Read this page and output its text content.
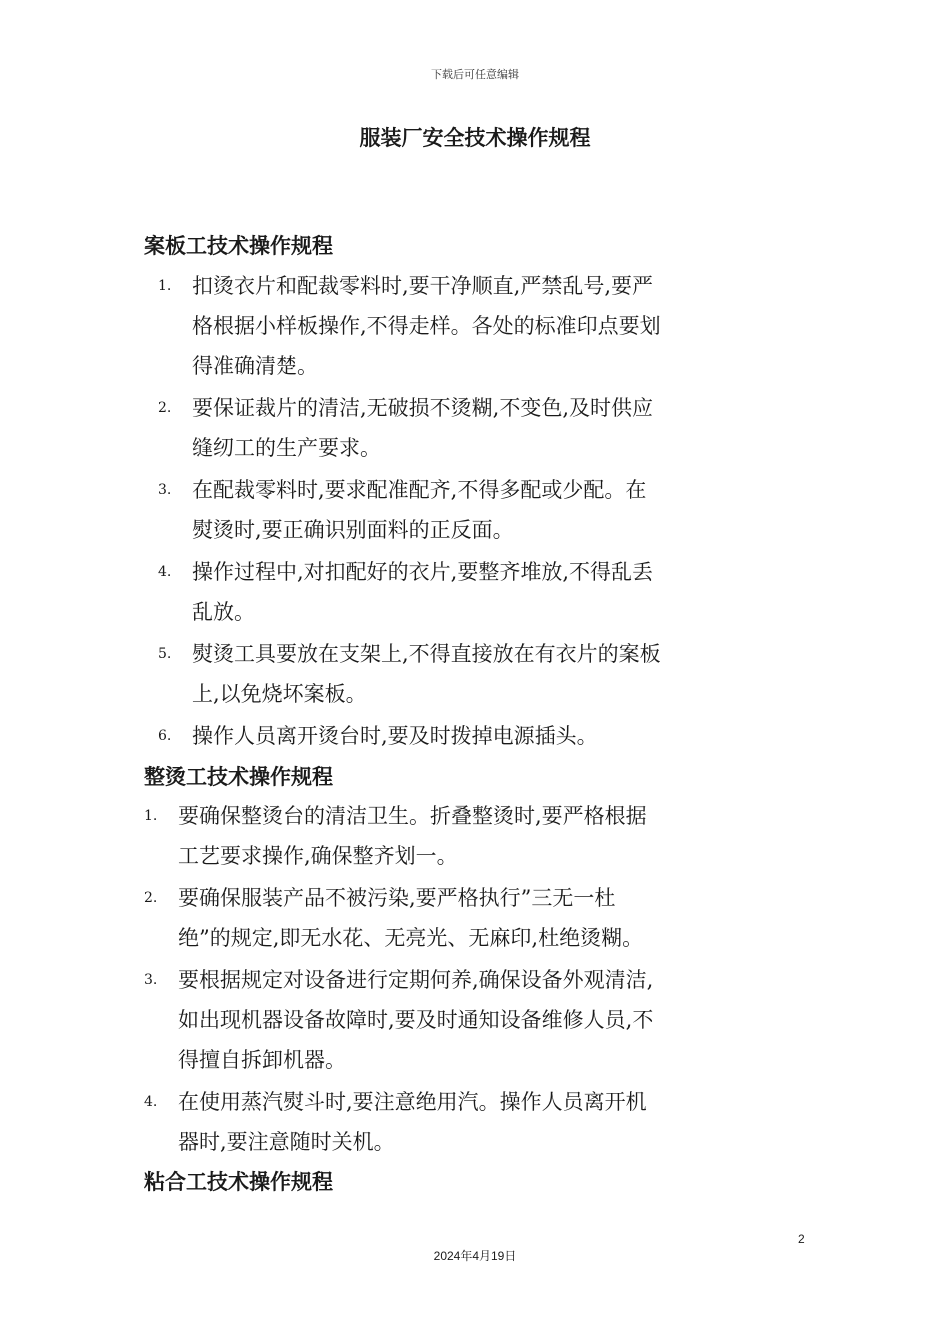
下载后可任意编辑
服装厂安全技术操作规程
案板工技术操作规程
1. 扣烫衣片和配裁零料时,要干净顺直,严禁乱号,要严
格根据小样板操作,不得走样。各处的标准印点要划
得准确清楚。
2. 要保证裁片的清洁,无破损不烫糊,不变色,及时供应
缝纫工的生产要求。
3. 在配裁零料时,要求配准配齐,不得多配或少配。在
熨烫时,要正确识别面料的正反面。
4. 操作过程中,对扣配好的衣片,要整齐堆放,不得乱丢
乱放。
5. 熨烫工具要放在支架上,不得直接放在有衣片的案板
上,以免烧坏案板。
6. 操作人员离开烫台时,要及时拨掉电源插头。
整烫工技术操作规程
1. 要确保整烫台的清洁卫生。折叠整烫时,要严格根据
工艺要求操作,确保整齐划一。
2. 要确保服装产品不被污染,要严格执行”三无一杜
绝”的规定,即无水花、无亮光、无麻印,杜绝烫糊。
3. 要根据规定对设备进行定期何养,确保设备外观清洁,
如出现机器设备故障时,要及时通知设备维修人员,不
得擅自拆卸机器。
4. 在使用蒸汽熨斗时,要注意绝用汽。操作人员离开机
器时,要注意随时关机。
粘合工技术操作规程
2
2024年4月19日
